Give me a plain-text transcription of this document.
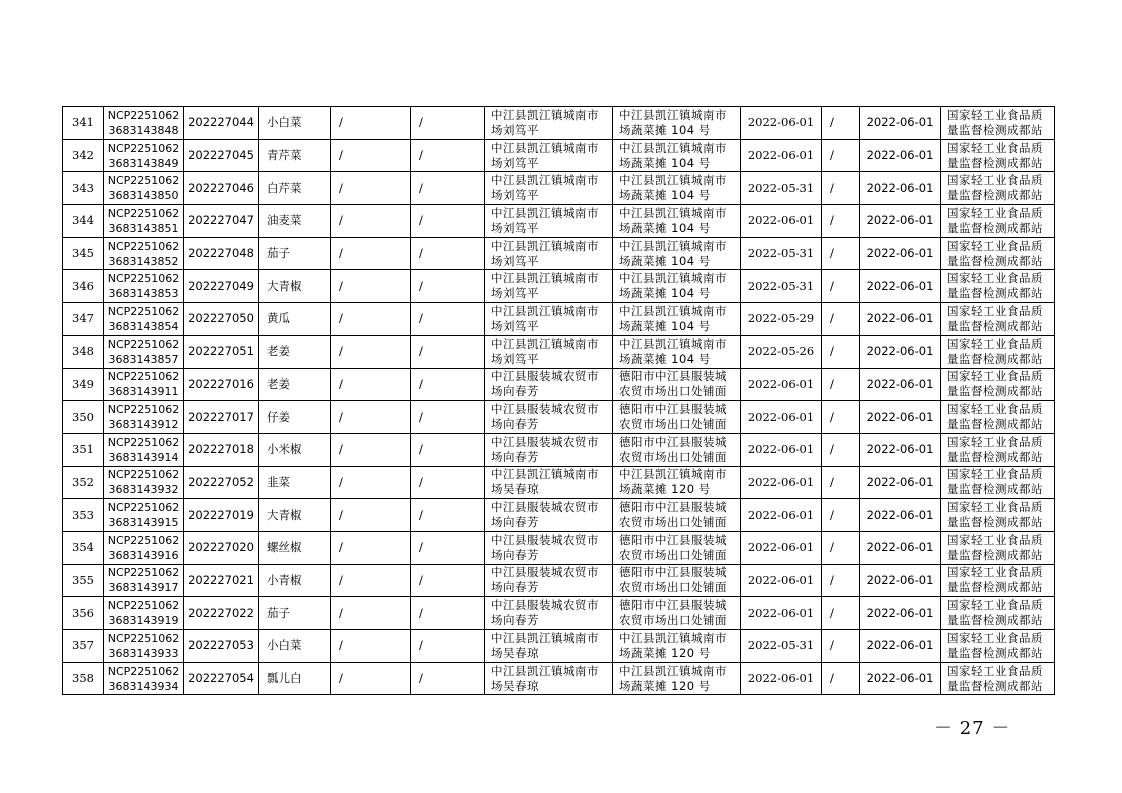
341	NCP22510623683143848	202227044	小白菜	/	/	中江县凯江镇城南市场刘笃平	中江县凯江镇城南市场蔬菜摊 104 号	2022-06-01	/	2022-06-01	国家轻工业食品质量监督检测成都站
342	NCP22510623683143849	202227045	青芹菜	/	/	中江县凯江镇城南市场刘笃平	中江县凯江镇城南市场蔬菜摊 104 号	2022-06-01	/	2022-06-01	国家轻工业食品质量监督检测成都站
343	NCP22510623683143850	202227046	白芹菜	/	/	中江县凯江镇城南市场刘笃平	中江县凯江镇城南市场蔬菜摊 104 号	2022-05-31	/	2022-06-01	国家轻工业食品质量监督检测成都站
344	NCP22510623683143851	202227047	油麦菜	/	/	中江县凯江镇城南市场刘笃平	中江县凯江镇城南市场蔬菜摊 104 号	2022-06-01	/	2022-06-01	国家轻工业食品质量监督检测成都站
345	NCP22510623683143852	202227048	茄子	/	/	中江县凯江镇城南市场刘笃平	中江县凯江镇城南市场蔬菜摊 104 号	2022-05-31	/	2022-06-01	国家轻工业食品质量监督检测成都站
346	NCP22510623683143853	202227049	大青椒	/	/	中江县凯江镇城南市场刘笃平	中江县凯江镇城南市场蔬菜摊 104 号	2022-05-31	/	2022-06-01	国家轻工业食品质量监督检测成都站
347	NCP22510623683143854	202227050	黄瓜	/	/	中江县凯江镇城南市场刘笃平	中江县凯江镇城南市场蔬菜摊 104 号	2022-05-29	/	2022-06-01	国家轻工业食品质量监督检测成都站
348	NCP22510623683143857	202227051	老姜	/	/	中江县凯江镇城南市场刘笃平	中江县凯江镇城南市场蔬菜摊 104 号	2022-05-26	/	2022-06-01	国家轻工业食品质量监督检测成都站
349	NCP22510623683143911	202227016	老姜	/	/	中江县服装城农贸市场向春芳	德阳市中江县服装城农贸市场出口处铺面	2022-06-01	/	2022-06-01	国家轻工业食品质量监督检测成都站
350	NCP22510623683143912	202227017	仔姜	/	/	中江县服装城农贸市场向春芳	德阳市中江县服装城农贸市场出口处铺面	2022-06-01	/	2022-06-01	国家轻工业食品质量监督检测成都站
351	NCP22510623683143914	202227018	小米椒	/	/	中江县服装城农贸市场向春芳	德阳市中江县服装城农贸市场出口处铺面	2022-06-01	/	2022-06-01	国家轻工业食品质量监督检测成都站
352	NCP22510623683143932	202227052	韭菜	/	/	中江县凯江镇城南市场吴春琼	中江县凯江镇城南市场蔬菜摊 120 号	2022-06-01	/	2022-06-01	国家轻工业食品质量监督检测成都站
353	NCP22510623683143915	202227019	大青椒	/	/	中江县服装城农贸市场向春芳	德阳市中江县服装城农贸市场出口处铺面	2022-06-01	/	2022-06-01	国家轻工业食品质量监督检测成都站
354	NCP22510623683143916	202227020	螺丝椒	/	/	中江县服装城农贸市场向春芳	德阳市中江县服装城农贸市场出口处铺面	2022-06-01	/	2022-06-01	国家轻工业食品质量监督检测成都站
355	NCP22510623683143917	202227021	小青椒	/	/	中江县服装城农贸市场向春芳	德阳市中江县服装城农贸市场出口处铺面	2022-06-01	/	2022-06-01	国家轻工业食品质量监督检测成都站
356	NCP22510623683143919	202227022	茄子	/	/	中江县服装城农贸市场向春芳	德阳市中江县服装城农贸市场出口处铺面	2022-06-01	/	2022-06-01	国家轻工业食品质量监督检测成都站
357	NCP22510623683143933	202227053	小白菜	/	/	中江县凯江镇城南市场吴春琼	中江县凯江镇城南市场蔬菜摊 120 号	2022-05-31	/	2022-06-01	国家轻工业食品质量监督检测成都站
358	NCP22510623683143934	202227054	瓢儿白	/	/	中江县凯江镇城南市场吴春琼	中江县凯江镇城南市场蔬菜摊 120 号	2022-06-01	/	2022-06-01	国家轻工业食品质量监督检测成都站
－ 27 －
